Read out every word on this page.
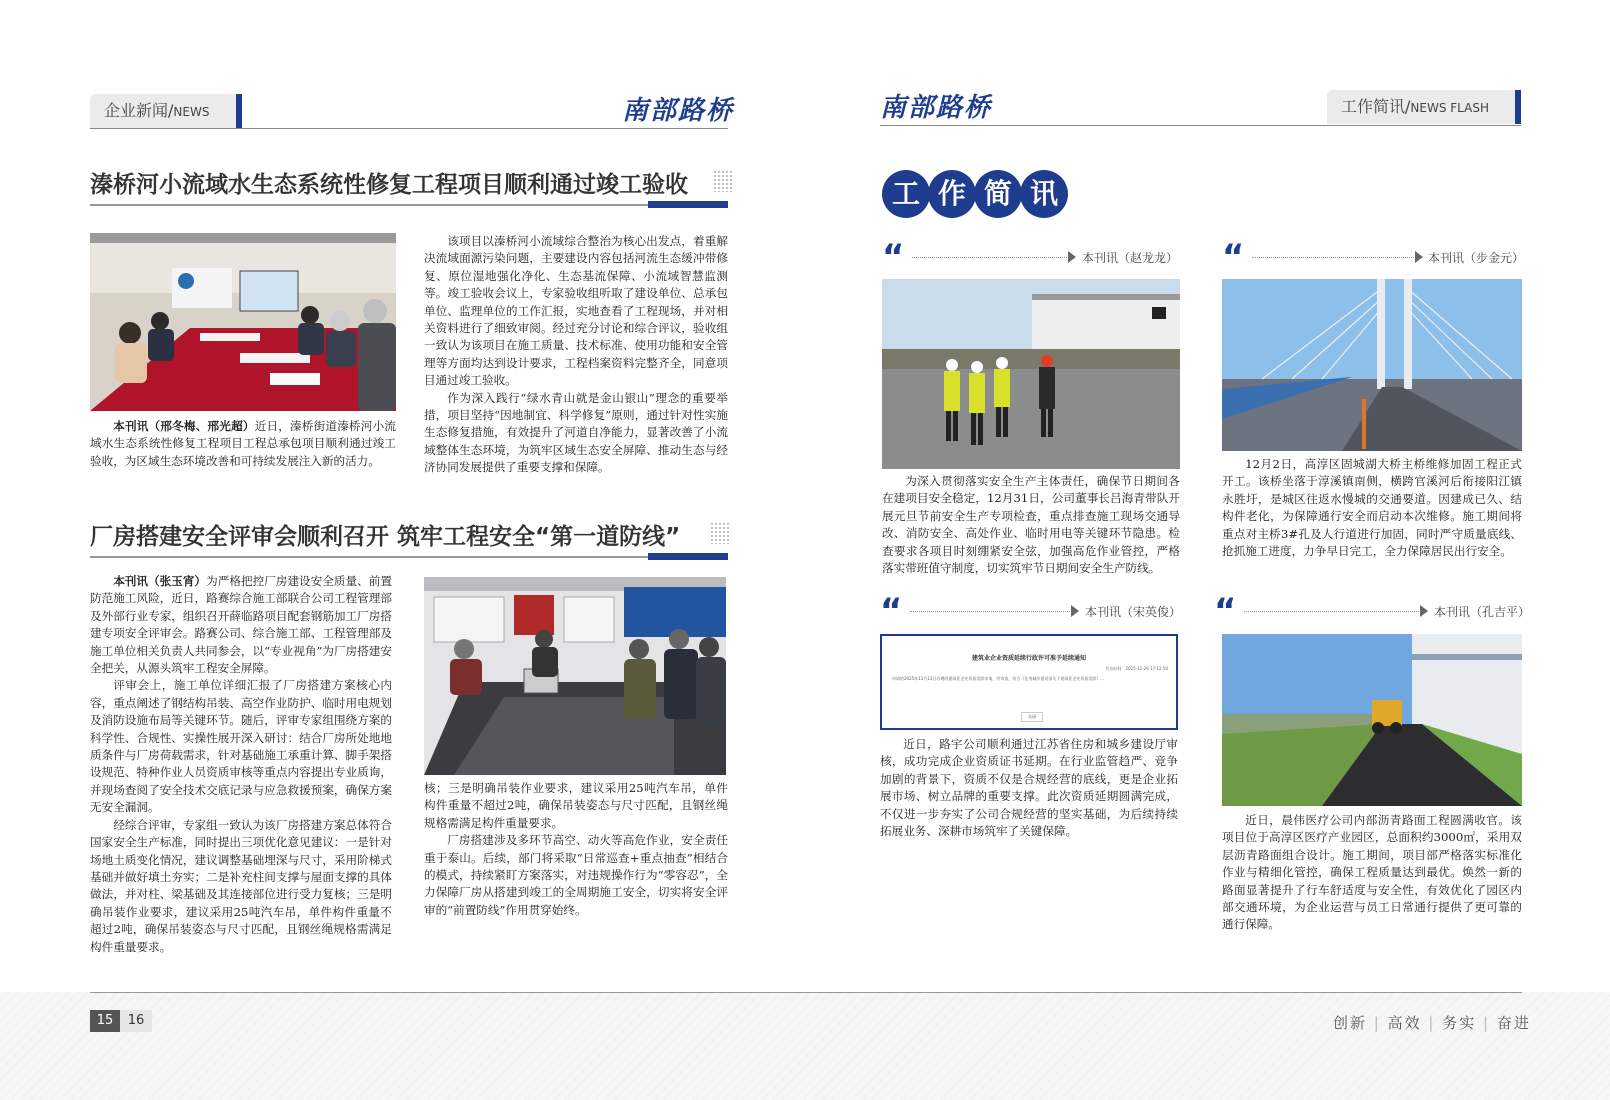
企业新闻/NEWS	南部路桥
溱桥河小流域水生态系统性修复工程项目顺利通过竣工验收

本刊讯（邢冬梅、邢光超）近日，溱桥街道溱桥河小流域水生态系统性修复工程项目工程总承包项目顺利通过竣工验收，为区域生态环境改善和可持续发展注入新的活力。

该项目以溱桥河小流域综合整治为核心出发点，着重解决流域面源污染问题，主要建设内容包括河流生态缓冲带修复、原位湿地强化净化、生态基流保障、小流域智慧监测等。竣工验收会议上，专家验收组听取了建设单位、总承包单位、监理单位的工作汇报，实地查看了工程现场，并对相关资料进行了细致审阅。经过充分讨论和综合评议，验收组一致认为该项目在施工质量、技术标准、使用功能和安全管理等方面均达到设计要求，工程档案资料完整齐全，同意项目通过竣工验收。

作为深入践行“绿水青山就是金山银山”理念的重要举措，项目坚持“因地制宜、科学修复”原则，通过针对性实施生态修复措施，有效提升了河道自净能力，显著改善了小流域整体生态环境，为筑牢区域生态安全屏障、推动生态与经济协同发展提供了重要支撑和保障。

厂房搭建安全评审会顺利召开 筑牢工程安全“第一道防线”

本刊讯（张玉宵）为严格把控厂房建设安全质量、前置防范施工风险，近日，路赛综合施工部联合公司工程管理部及外部行业专家，组织召开薛临路项目配套钢筋加工厂房搭建专项安全评审会。路赛公司、综合施工部、工程管理部及施工单位相关负责人共同参会，以“专业视角”为厂房搭建安全把关，从源头筑牢工程安全屏障。

评审会上，施工单位详细汇报了厂房搭建方案核心内容，重点阐述了钢结构吊装、高空作业防护、临时用电规划及消防设施布局等关键环节。随后，评审专家组围绕方案的科学性、合规性、实操性展开深入研讨：结合厂房所处地地质条件与厂房荷载需求，针对基础施工承重计算、脚手架搭设规范、特种作业人员资质审核等重点内容提出专业质询，并现场查阅了安全技术交底记录与应急救援预案，确保方案无安全漏洞。

经综合评审，专家组一致认为该厂房搭建方案总体符合国家安全生产标准，同时提出三项优化意见建议：一是针对场地土质变化情况，建议调整基础埋深与尺寸，采用阶梯式基础并做好填土夯实；二是补充柱间支撑与屋面支撑的具体做法，并对柱、梁基础及其连接部位进行受力复核；三是明确吊装作业要求，建议采用25吨汽车吊，单件构件重量不超过2吨，确保吊装姿态与尺寸匹配，且钢丝绳规格需满足构件重量要求。

核；三是明确吊装作业要求，建议采用25吨汽车吊，单件构件重量不超过2吨，确保吊装姿态与尺寸匹配，且钢丝绳规格需满足构件重量要求。

厂房搭建涉及多环节高空、动火等高危作业，安全责任重于泰山。后续，部门将采取“日常巡查+重点抽查”相结合的模式，持续紧盯方案落实，对违规操作行为“零容忍”，全力保障厂房从搭建到竣工的全周期施工安全，切实将安全评审的“前置防线”作用贯穿始终。

南部路桥	工作简讯/NEWS FLASH
工 作 简 讯
“	本刊讯（赵龙龙）

为深入贯彻落实安全生产主体责任，确保节日期间各在建项目安全稳定，12月31日，公司董事长吕海青带队开展元旦节前安全生产专项检查，重点排查施工现场交通导改、消防安全、高处作业、临时用电等关键环节隐患。检查要求各项目时刻绷紧安全弦，加强高危作业管控，严格落实带班值守制度，切实筑牢节日期间安全生产防线。

“	本刊讯（步金元）

12月2日，高淳区固城湖大桥主桥维修加固工程正式开工。该桥坐落于淳溪镇南侧，横跨官溪河后衔接阳江镇永胜圩，是城区往返水慢城的交通要道。因建成已久、结构件老化，为保障通行安全而启动本次维修。施工期间将重点对主桥3#孔及人行道进行加固，同时严守质量底线、抢抓施工进度，力争早日完工，全力保障居民出行安全。

“	本刊讯（宋英俊）
建筑业企业资质延续行政许可准予延续通知
发布时间：2025-11-26 17:12:50
申请的2025年11月13日办理的建筑业企业资质延续申请，经审查，符合《住房城乡建设部关于建筑业企业资质延续》...
关闭

近日，路宇公司顺利通过江苏省住房和城乡建设厅审核，成功完成企业资质证书延期。在行业监管趋严、竞争加剧的背景下，资质不仅是合规经营的底线，更是企业拓展市场、树立品牌的重要支撑。此次资质延期圆满完成，不仅进一步夯实了公司合规经营的坚实基础，为后续持续拓展业务、深耕市场筑牢了关键保障。

“	本刊讯（孔吉平）

近日，晨伟医疗公司内部沥青路面工程圆满收官。该项目位于高淳区医疗产业园区，总面积约3000㎡，采用双层沥青路面组合设计。施工期间，项目部严格落实标准化作业与精细化管控，确保工程质量达到最优。焕然一新的路面显著提升了行车舒适度与安全性，有效优化了园区内部交通环境，为企业运营与员工日常通行提供了更可靠的通行保障。

15	16	创新 | 高效 | 务实 | 奋进
